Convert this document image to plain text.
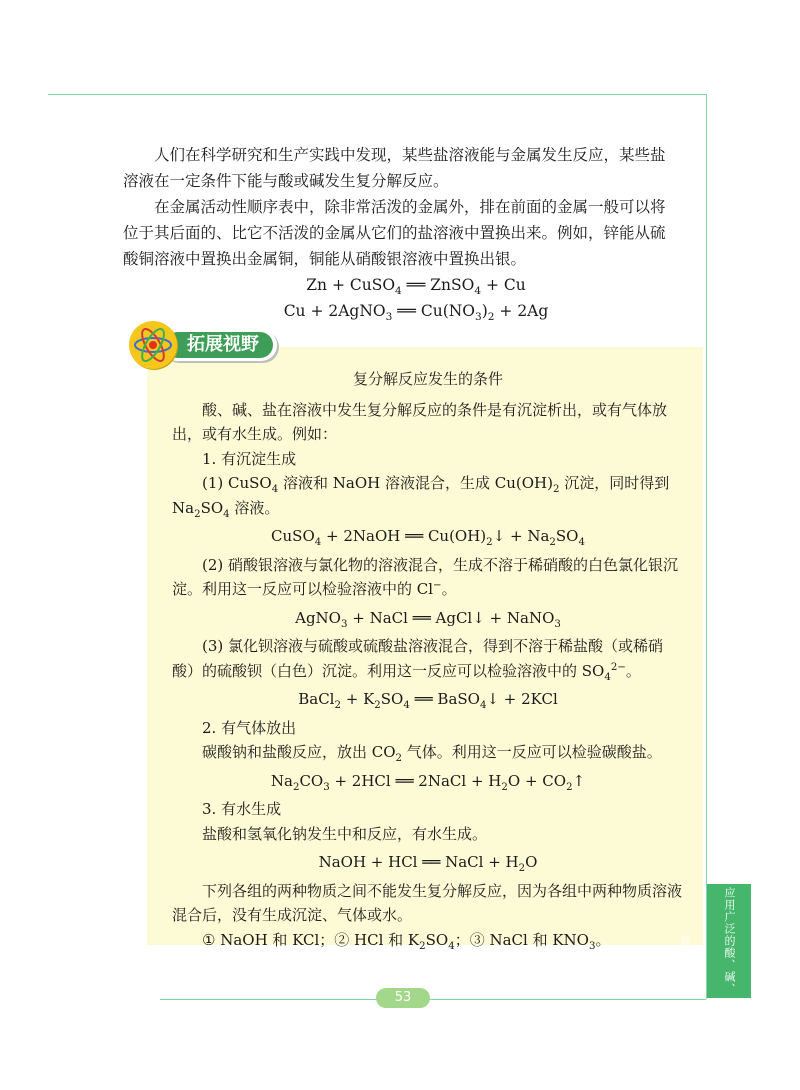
人们在科学研究和生产实践中发现，某些盐溶液能与金属发生反应，某些盐溶液在一定条件下能与酸或碱发生复分解反应。

在金属活动性顺序表中，除非常活泼的金属外，排在前面的金属一般可以将位于其后面的、比它不活泼的金属从它们的盐溶液中置换出来。例如，锌能从硫酸铜溶液中置换出金属铜，铜能从硝酸银溶液中置换出银。

Zn + CuSO$_4$ ══ ZnSO$_4$ + Cu

Cu + 2AgNO$_3$ ══ $Cu(NO_3)_2 + 2Ag$

拓展视野

复分解反应发生的条件

酸、碱、盐在溶液中发生复分解反应的条件是有沉淀析出，或有气体放出，或有水生成。例如：

1. 有沉淀生成

(1) CuSO$_4$ 溶液和 NaOH 溶液混合，生成 $Cu(OH)_2$ 沉淀，同时得到$Na_2SO_4$ 溶液。

CuSO$_4$ + 2NaOH ══ $Cu(OH)_2↓ + Na_2SO_4$

(2) 硝酸银溶液与氯化物的溶液混合，生成不溶于稀硝酸的白色氯化银沉淀。利用这一反应可以检验溶液中的 Cl−。

AgNO$_3$ + NaCl ══ AgCl↓ + NaNO$_3$

(3) 氯化钡溶液与硫酸或硫酸盐溶液混合，得到不溶于稀盐酸（或稀硝酸）的硫酸钡（白色）沉淀。利用这一反应可以检验溶液中的 $SO_4^{2-}$。

BaCl$_2$ + $K_2SO_4$ ══ BaSO$_4$↓ + 2KCl

2. 有气体放出

碳酸钠和盐酸反应，放出 $CO_2$ 气体。利用这一反应可以检验碳酸盐。

$Na_2CO_3 + 2HCl$ ══ 2NaCl + $H_2O$ + $CO_2↑$

3. 有水生成

盐酸和氢氧化钠发生中和反应，有水生成。

NaOH + HCl ══ NaCl + $H_2O$

下列各组的两种物质之间不能发生复分解反应，因为各组中两种物质溶液混合后，没有生成沉淀、气体或水。

① NaOH 和 KCl；② HCl 和 $K_2SO_4$；③ NaCl 和 $KNO_3$。	应用广泛的酸、碱、盐
53
